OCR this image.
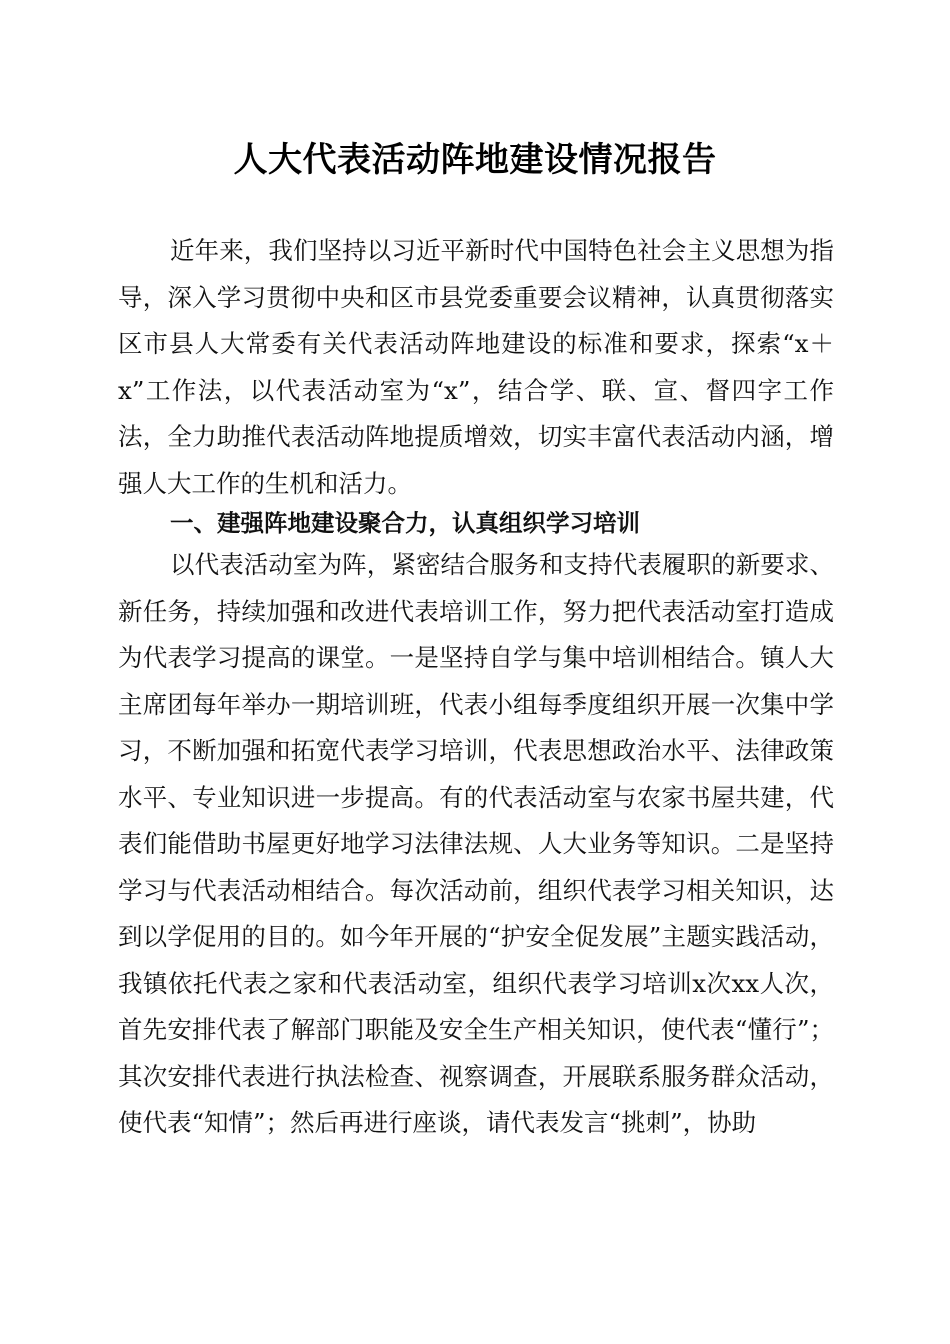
人大代表活动阵地建设情况报告

近年来，我们坚持以习近平新时代中国特色社会主义思想为指导，深入学习贯彻中央和区市县党委重要会议精神，认真贯彻落实区市县人大常委有关代表活动阵地建设的标准和要求，探索“x＋x”工作法，以代表活动室为“x”，结合学、联、宣、督四字工作法，全力助推代表活动阵地提质增效，切实丰富代表活动内涵，增强人大工作的生机和活力。

一、建强阵地建设聚合力，认真组织学习培训

以代表活动室为阵，紧密结合服务和支持代表履职的新要求、新任务，持续加强和改进代表培训工作，努力把代表活动室打造成为代表学习提高的课堂。一是坚持自学与集中培训相结合。镇人大主席团每年举办一期培训班，代表小组每季度组织开展一次集中学习，不断加强和拓宽代表学习培训，代表思想政治水平、法律政策水平、专业知识进一步提高。有的代表活动室与农家书屋共建，代表们能借助书屋更好地学习法律法规、人大业务等知识。二是坚持学习与代表活动相结合。每次活动前，组织代表学习相关知识，达到以学促用的目的。如今年开展的“护安全促发展”主题实践活动，我镇依托代表之家和代表活动室，组织代表学习培训x次xx人次，首先安排代表了解部门职能及安全生产相关知识，使代表“懂行”；其次安排代表进行执法检查、视察调查，开展联系服务群众活动，使代表“知情”；然后再进行座谈，请代表发言“挑刺”，协助
